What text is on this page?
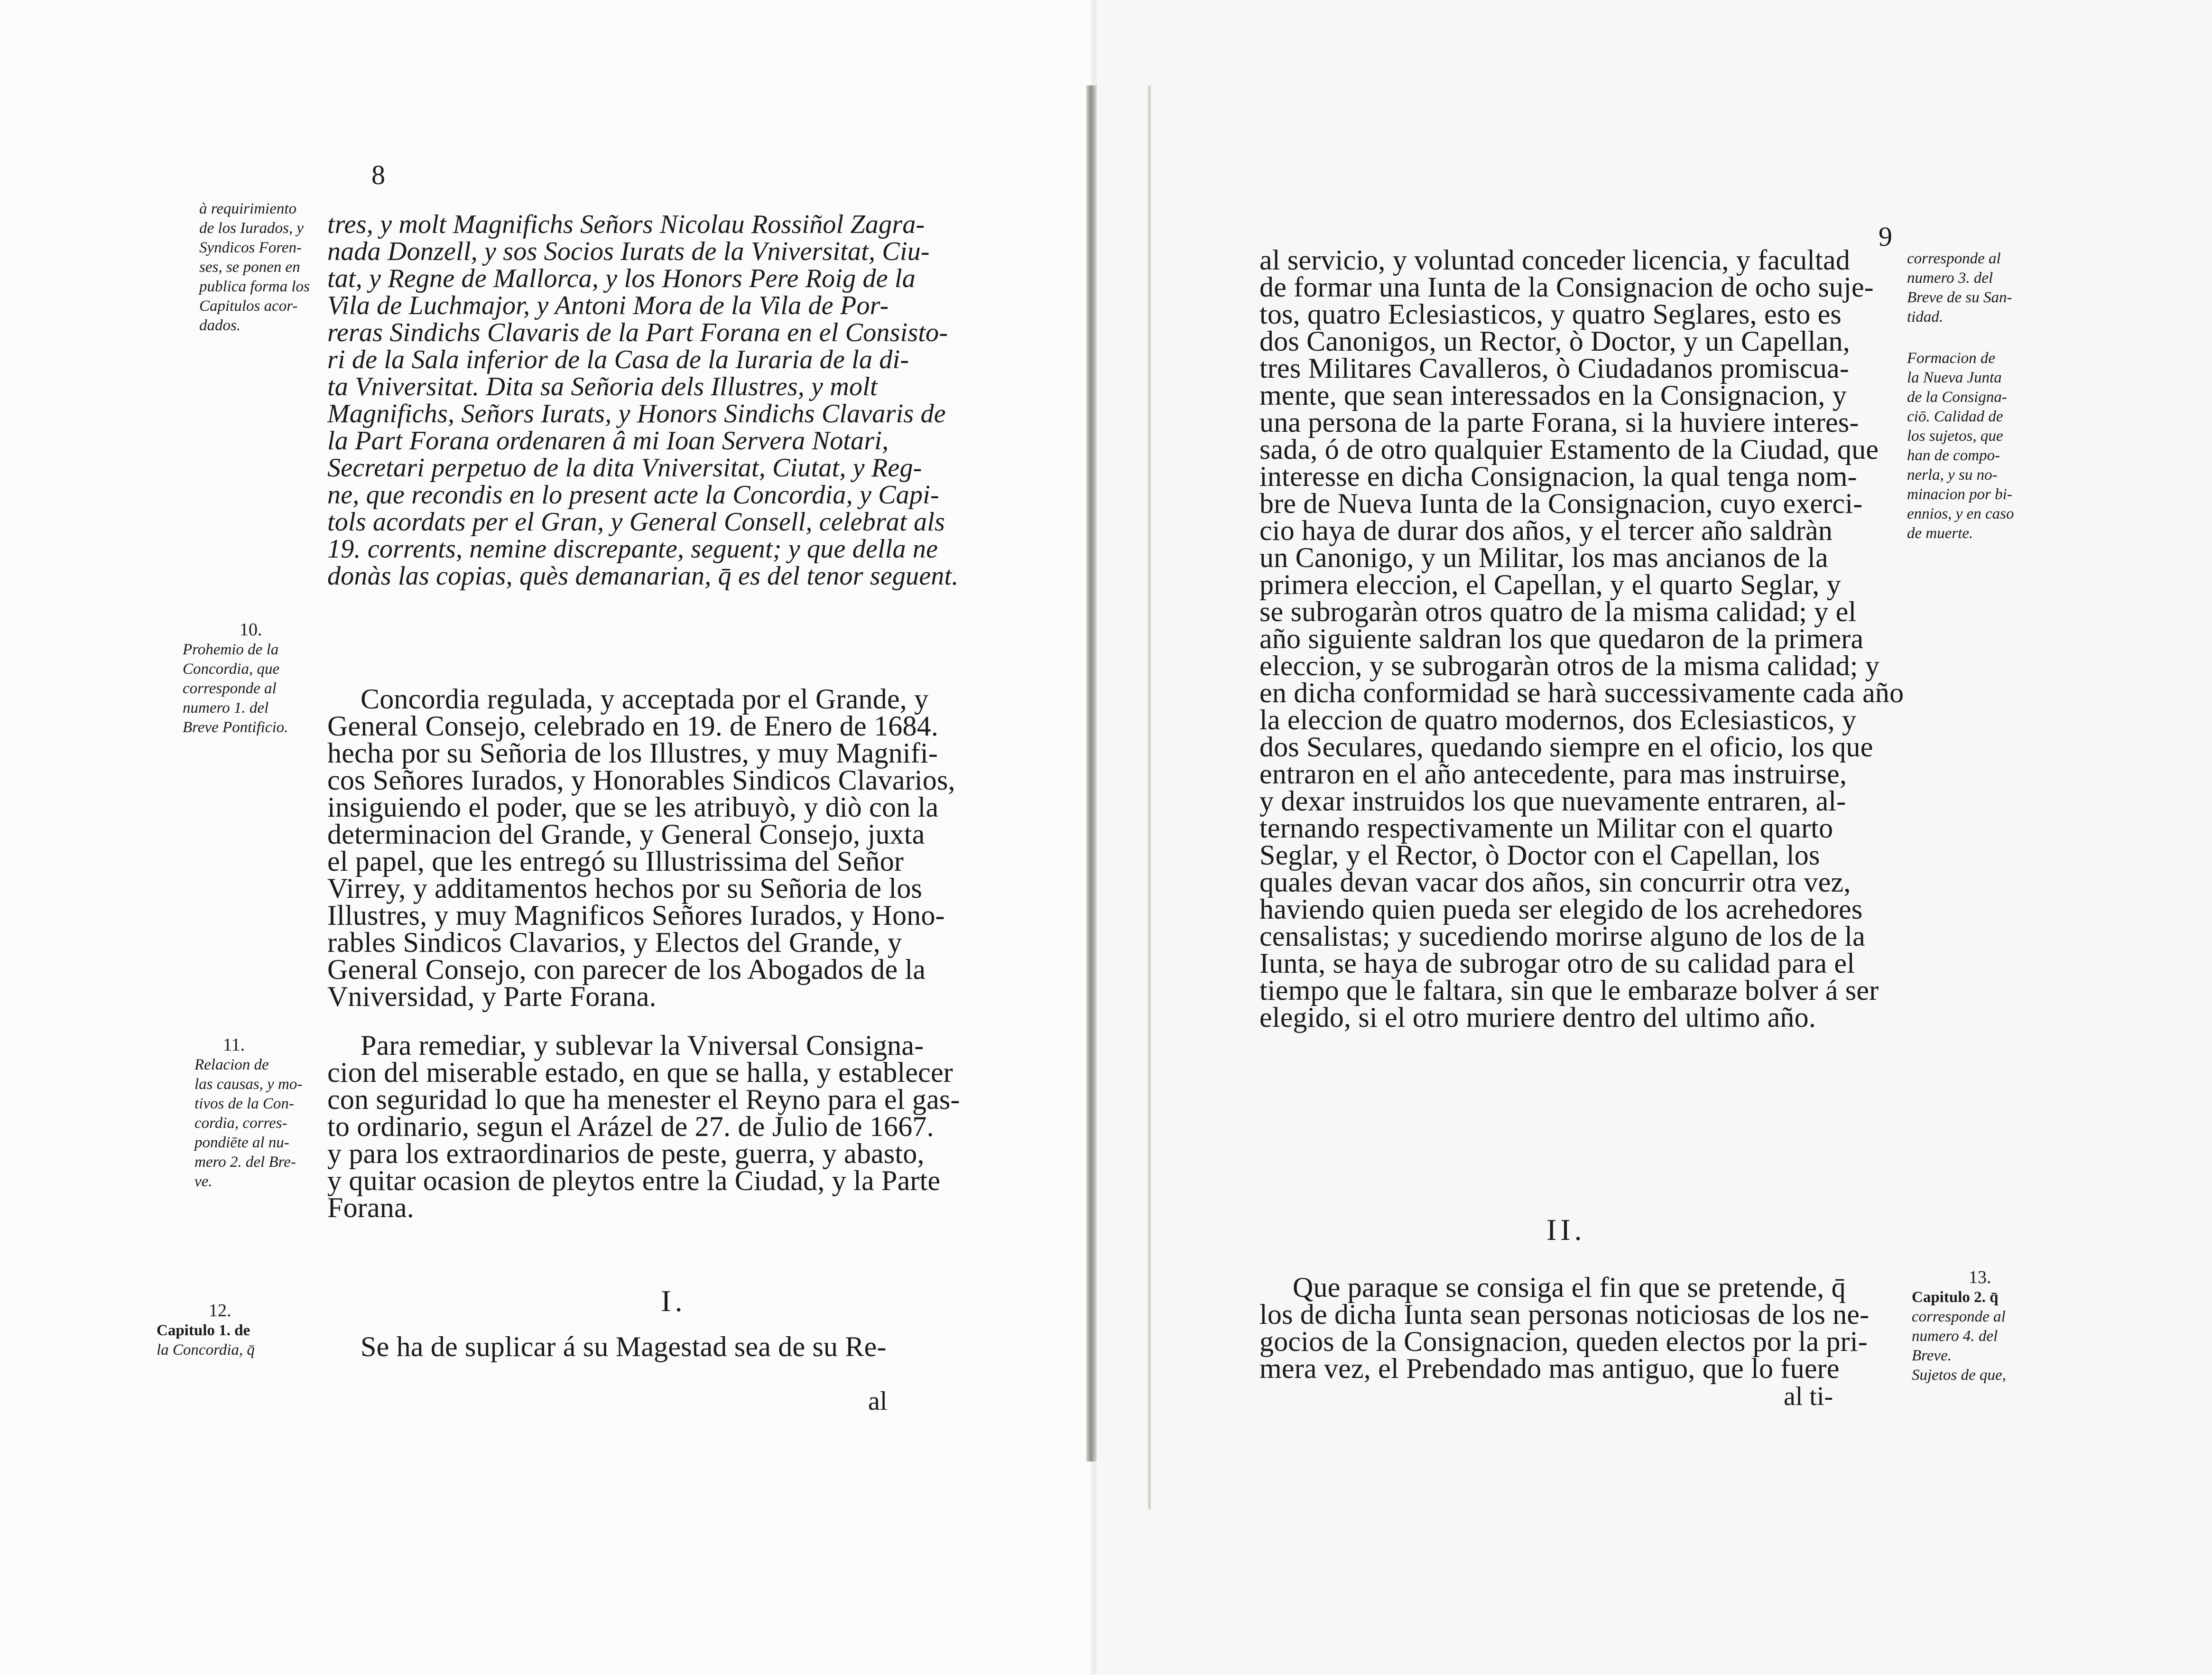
8
à requirimiento
de los Iurados, y
Syndicos Foren-
ses, se ponen en
publica forma los
Capitulos acor-
dados.
10.
Prohemio de la
Concordia, que
corresponde al
numero 1. del
Breve Pontificio.
11.
Relacion de
las causas, y mo-
tivos de la Con-
cordia, corres-
pondiēte al nu-
mero 2. del Bre-
ve.
12.
Capitulo 1. de
la Concordia, q̄
tres, y molt Magnifichs Señors Nicolau Rossiñol Zagra-
nada Donzell, y sos Socios Iurats de la Vniversitat, Ciu-
tat, y Regne de Mallorca, y los Honors Pere Roig de la
Vila de Luchmajor, y Antoni Mora de la Vila de Por-
reras Sindichs Clavaris de la Part Forana en el Consisto-
ri de la Sala inferior de la Casa de la Iuraria de la di-
ta Vniversitat. Dita sa Señoria dels Illustres, y molt
Magnifichs, Señors Iurats, y Honors Sindichs Clavaris de
la Part Forana ordenaren â mi Ioan Servera Notari,
Secretari perpetuo de la dita Vniversitat, Ciutat, y Reg-
ne, que recondis en lo present acte la Concordia, y Capi-
tols acordats per el Gran, y General Consell, celebrat als
19. corrents, nemine discrepante, seguent; y que della ne
donàs las copias, quès demanarian, q̄ es del tenor seguent.
Concordia regulada, y acceptada por el Grande, y
General Consejo, celebrado en 19. de Enero de 1684.
hecha por su Señoria de los Illustres, y muy Magnifi-
cos Señores Iurados, y Honorables Sindicos Clavarios,
insiguiendo el poder, que se les atribuyò, y diò con la
determinacion del Grande, y General Consejo, juxta
el papel, que les entregó su Illustrissima del Señor
Virrey, y additamentos hechos por su Señoria de los
Illustres, y muy Magnificos Señores Iurados, y Hono-
rables Sindicos Clavarios, y Electos del Grande, y
General Consejo, con parecer de los Abogados de la
Vniversidad, y Parte Forana.
Para remediar, y sublevar la Vniversal Consigna-
cion del miserable estado, en que se halla, y establecer
con seguridad lo que ha menester el Reyno para el gas-
to ordinario, segun el Arázel de 27. de Julio de 1667.
y para los extraordinarios de peste, guerra, y abasto,
y quitar ocasion de pleytos entre la Ciudad, y la Parte
Forana.
I.
Se ha de suplicar á su Magestad sea de su Re-
al
9
al servicio, y voluntad conceder licencia, y facultad
de formar una Iunta de la Consignacion de ocho suje-
tos, quatro Eclesiasticos, y quatro Seglares, esto es
dos Canonigos, un Rector, ò Doctor, y un Capellan,
tres Militares Cavalleros, ò Ciudadanos promiscua-
mente, que sean interessados en la Consignacion, y
una persona de la parte Forana, si la huviere interes-
sada, ó de otro qualquier Estamento de la Ciudad, que
interesse en dicha Consignacion, la qual tenga nom-
bre de Nueva Iunta de la Consignacion, cuyo exerci-
cio haya de durar dos años, y el tercer año saldràn
un Canonigo, y un Militar, los mas ancianos de la
primera eleccion, el Capellan, y el quarto Seglar, y
se subrogaràn otros quatro de la misma calidad; y el
año siguiente saldran los que quedaron de la primera
eleccion, y se subrogaràn otros de la misma calidad; y
en dicha conformidad se harà successivamente cada año
la eleccion de quatro modernos, dos Eclesiasticos, y
dos Seculares, quedando siempre en el oficio, los que
entraron en el año antecedente, para mas instruirse,
y dexar instruidos los que nuevamente entraren, al-
ternando respectivamente un Militar con el quarto
Seglar, y el Rector, ò Doctor con el Capellan, los
quales devan vacar dos años, sin concurrir otra vez,
haviendo quien pueda ser elegido de los acrehedores
censalistas; y sucediendo morirse alguno de los de la
Iunta, se haya de subrogar otro de su calidad para el
tiempo que le faltara, sin que le embaraze bolver á ser
elegido, si el otro muriere dentro del ultimo año.
corresponde al
numero 3. del
Breve de su San-
tidad.
Formacion de
la Nueva Junta
de la Consigna-
ciō. Calidad de
los sujetos, que
han de compo-
nerla, y su no-
minacion por bi-
ennios, y en caso
de muerte.
13.
Capitulo 2. q̄
corresponde al
numero 4. del
Breve.
Sujetos de que,
II.
Que paraque se consiga el fin que se pretende, q̄
los de dicha Iunta sean personas noticiosas de los ne-
gocios de la Consignacion, queden electos por la pri-
mera vez, el Prebendado mas antiguo, que lo fuere
al ti-
